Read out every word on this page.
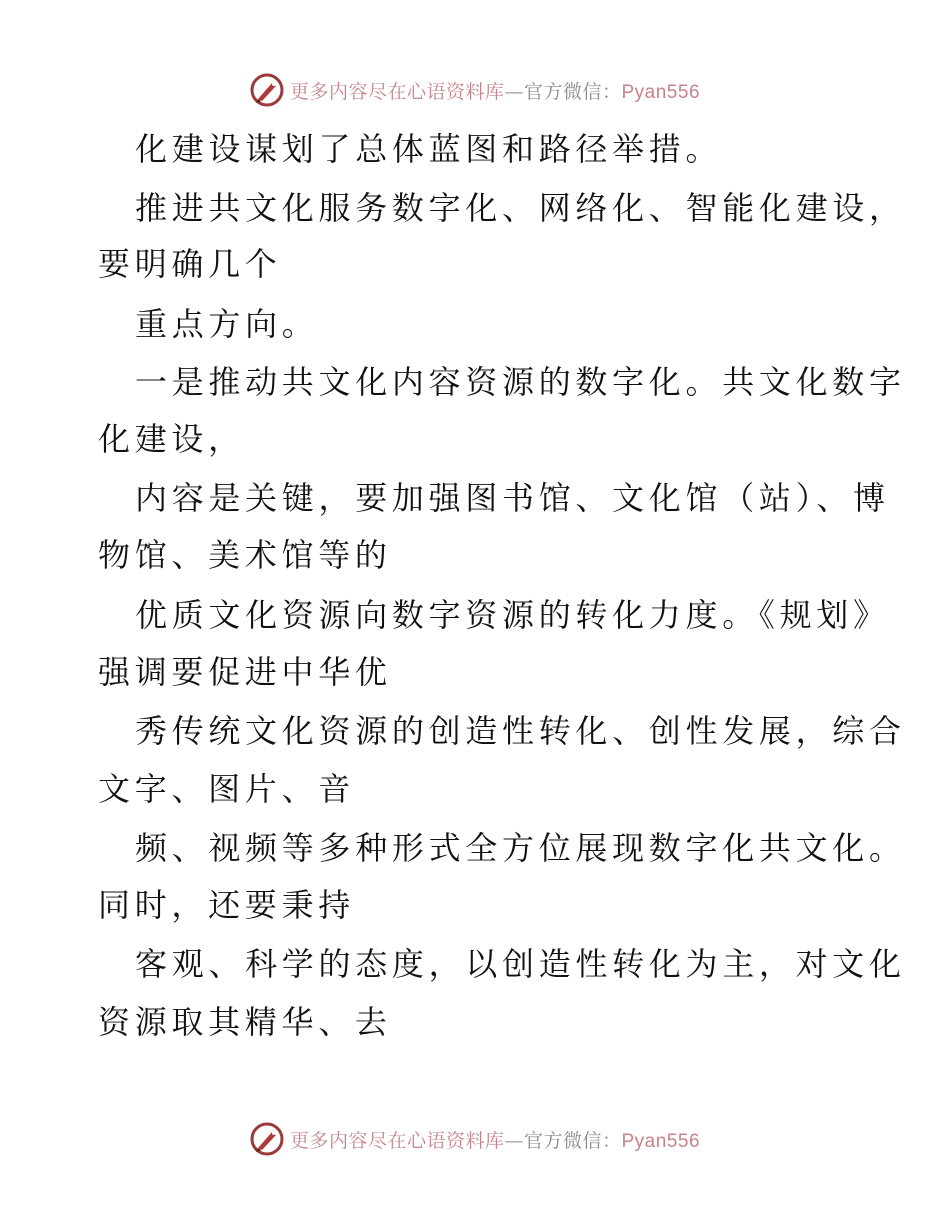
更多内容尽在心语资料库—官方微信：Pyan556
化建设谋划了总体蓝图和路径举措。
推进共文化服务数字化、网络化、智能化建设，
要明确几个
重点方向。
一是推动共文化内容资源的数字化。共文化数字
化建设，
内容是关键，要加强图书馆、文化馆（站）、博
物馆、美术馆等的
优质文化资源向数字资源的转化力度。《规划》
强调要促进中华优
秀传统文化资源的创造性转化、创性发展，综合
文字、图片、音
频、视频等多种形式全方位展现数字化共文化。
同时，还要秉持
客观、科学的态度，以创造性转化为主，对文化
资源取其精华、去
更多内容尽在心语资料库—官方微信：Pyan556
